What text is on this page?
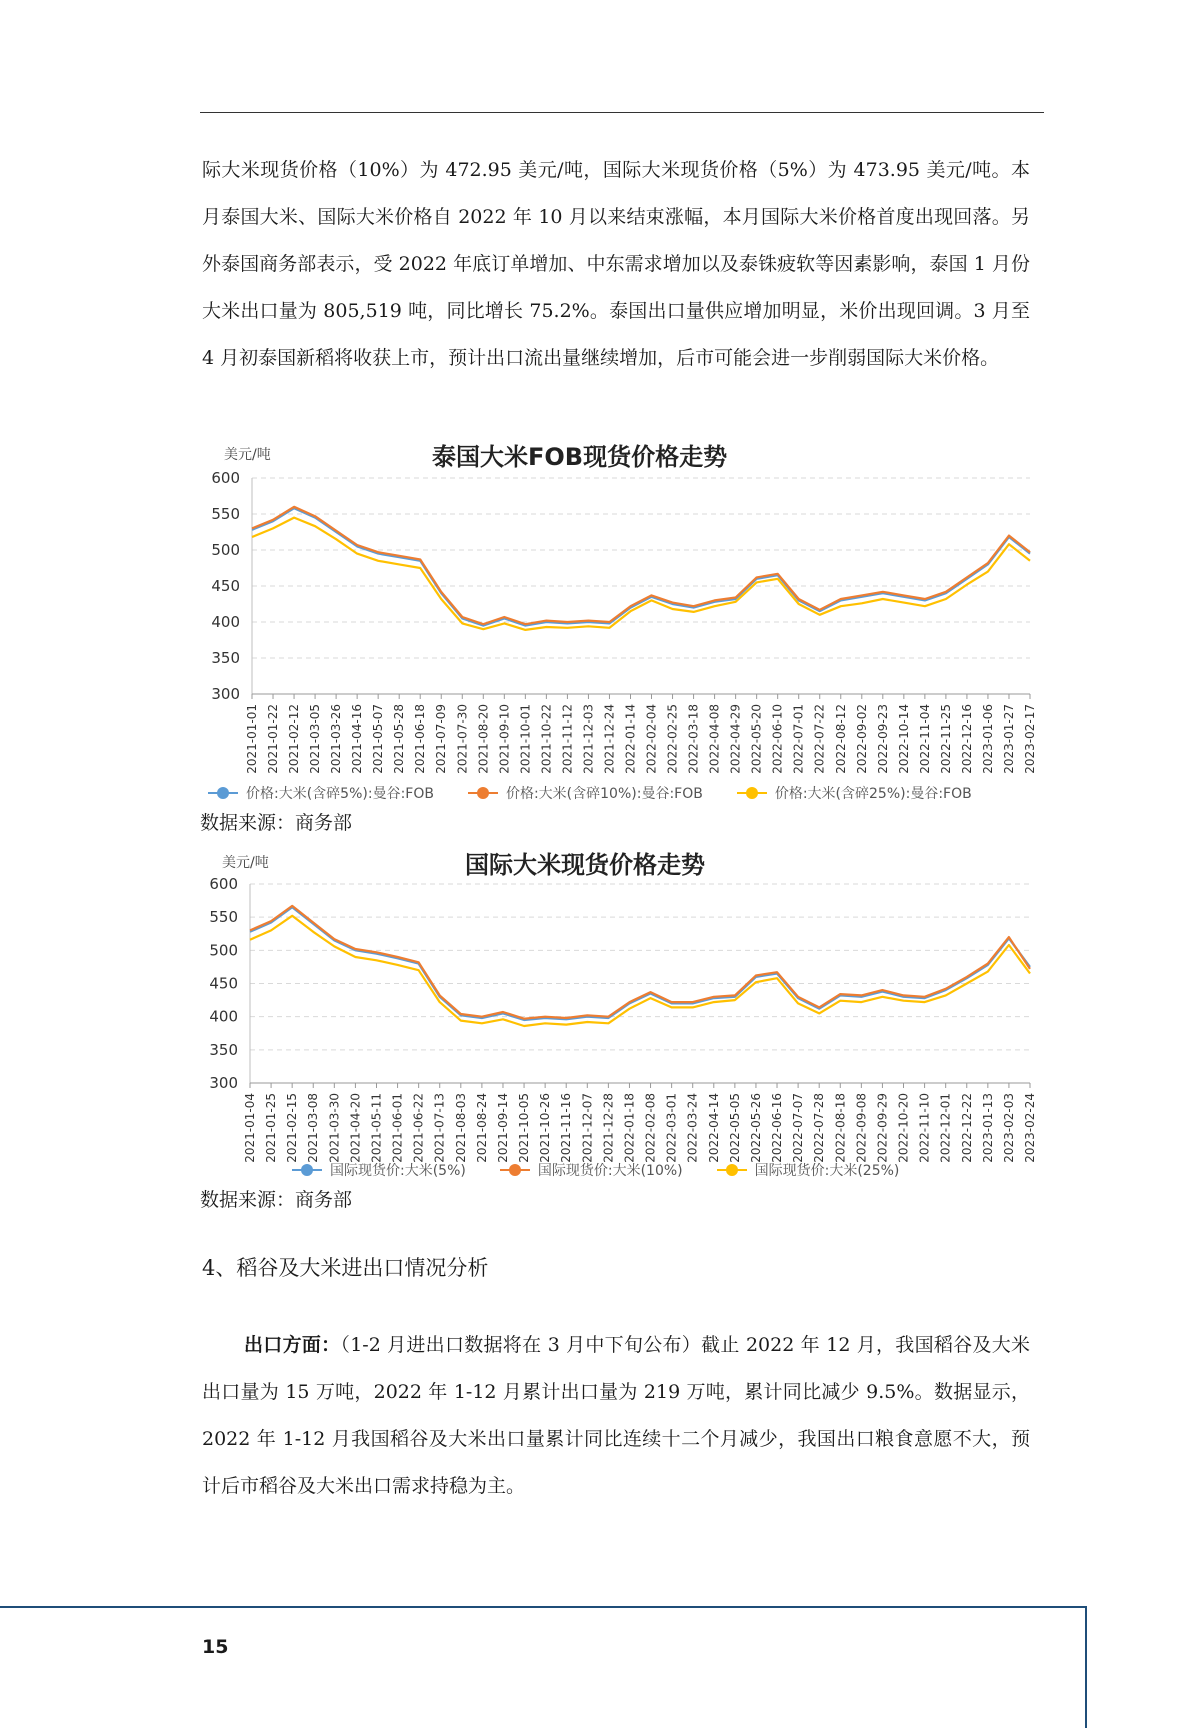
际大米现货价格（10%）为 472.95 美元/吨，国际大米现货价格（5%）为 473.95 美元/吨。本月泰国大米、国际大米价格自 2022 年 10 月以来结束涨幅，本月国际大米价格首度出现回落。另外泰国商务部表示，受 2022 年底订单增加、中东需求增加以及泰铢疲软等因素影响，泰国 1 月份大米出口量为 805,519 吨，同比增长 75.2%。泰国出口量供应增加明显，米价出现回调。3 月至 4 月初泰国新稻将收获上市，预计出口流出量继续增加，后市可能会进一步削弱国际大米价格。

泰国大米FOB现货价格走势
美元/吨
300
350
400
450
500
550
600
2021-01-01 2021-01-22 2021-02-12 2021-03-05 2021-03-26 2021-04-16 2021-05-07 2021-05-28 2021-06-18 2021-07-09 2021-07-30 2021-08-20 2021-09-10 2021-10-01 2021-10-22 2021-11-12 2021-12-03 2021-12-24 2022-01-14 2022-02-04 2022-02-25 2022-03-18 2022-04-08 2022-04-29 2022-05-20 2022-06-10 2022-07-01 2022-07-22 2022-08-12 2022-09-02 2022-09-23 2022-10-14 2022-11-04 2022-11-25 2022-12-16 2023-01-06 2023-01-27 2023-02-17
价格:大米(含碎5%):曼谷:FOB	价格:大米(含碎10%):曼谷:FOB	价格:大米(含碎25%):曼谷:FOB
数据来源：商务部
国际大米现货价格走势
美元/吨
300
350
400
450
500
550
600
2021-01-04 2021-01-25 2021-02-15 2021-03-08 2021-03-30 2021-04-20 2021-05-11 2021-06-01 2021-06-22 2021-07-13 2021-08-03 2021-08-24 2021-09-14 2021-10-05 2021-10-26 2021-11-16 2021-12-07 2021-12-28 2022-01-18 2022-02-08 2022-03-01 2022-03-24 2022-04-14 2022-05-05 2022-05-26 2022-06-16 2022-07-07 2022-07-28 2022-08-18 2022-09-08 2022-09-29 2022-10-20 2022-11-10 2022-12-01 2022-12-22 2023-01-13 2023-02-03 2023-02-24
国际现货价:大米(5%)	国际现货价:大米(10%)	国际现货价:大米(25%)
数据来源：商务部
4、稻谷及大米进出口情况分析

出口方面：（1-2 月进出口数据将在 3 月中下旬公布）截止 2022 年 12 月，我国稻谷及大米出口量为 15 万吨，2022 年 1-12 月累计出口量为 219 万吨，累计同比减少 9.5%。数据显示，2022 年 1-12 月我国稻谷及大米出口量累计同比连续十二个月减少，我国出口粮食意愿不大，预计后市稻谷及大米出口需求持稳为主。

15
